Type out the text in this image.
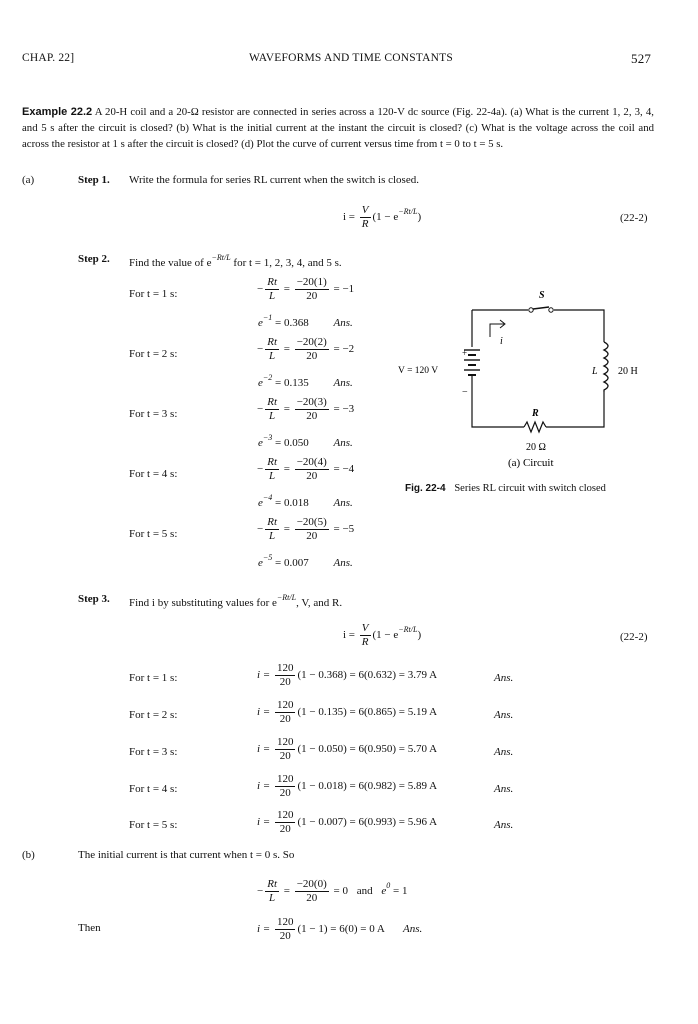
CHAP. 22]	WAVEFORMS AND TIME CONSTANTS	527
Example 22.2 A 20-H coil and a 20-Ω resistor are connected in series across a 120-V dc source (Fig. 22-4a). (a) What is the current 1, 2, 3, 4, and 5 s after the circuit is closed? (b) What is the initial current at the instant the circuit is closed? (c) What is the voltage across the coil and across the resistor at 1 s after the circuit is closed? (d) Plot the curve of current versus time from t = 0 to t = 5 s.
(a)	Step 1. Write the formula for series RL current when the switch is closed.
$i = \frac{V}{R} (1 - e^{-Rt/L})$	(22-2)
Step 2. Find the value of $e^{-Rt/L}$ for t = 1, 2, 3, 4, and 5 s.
For t = 1 s:	− $\frac{Rt}{L} = \frac{-20(1)}{20} = -1$
$e^{-1} = 0.368$ Ans.
For t = 2 s:	− $\frac{Rt}{L} = \frac{-20(2)}{20} = -2$
$e^{-2} = 0.135$ Ans.
For t = 3 s:	− $\frac{Rt}{L} = \frac{-20(3)}{20} = -3$
$e^{-3} = 0.050$ Ans.
For t = 4 s:	− $\frac{Rt}{L} = \frac{-20(4)}{20} = -4$
$e^{-4} = 0.018$ Ans.
For t = 5 s:	− $\frac{Rt}{L} = \frac{-20(5)}{20} = -5$
$e^{-5} = 0.007$ Ans.
Step 3. Find i by substituting values for $e^{-Rt/L}$, V, and R.
$i = \frac{V}{R} (1 - e^{-Rt/L})$	(22-2)
For t = 1 s:	$i = \frac{120}{20} (1 - 0.368) = 6(0.632) = 3.79$ A	Ans.
For t = 2 s:	$i = \frac{120}{20} (1 - 0.135) = 6(0.865) = 5.19$ A	Ans.
For t = 3 s:	$i = \frac{120}{20} (1 - 0.050) = 6(0.950) = 5.70$ A	Ans.
For t = 4 s:	$i = \frac{120}{20} (1 - 0.018) = 6(0.982) = 5.89$ A	Ans.
For t = 5 s:	$i = \frac{120}{20} (1 - 0.007) = 6(0.993) = 5.96$ A	Ans.
(b)	The initial current is that current when t = 0 s. So
− $\frac{Rt}{L} = \frac{-20(0)}{20} = 0$ and $e^0 = 1$
Then	$i = \frac{120}{20} (1 - 1) = 6(0) = 0$ A Ans.
S
i
+
−
V = 120 V	L 20 H
R
20 Ω
(a) Circuit
Fig. 22-4 Series RL circuit with switch closed
